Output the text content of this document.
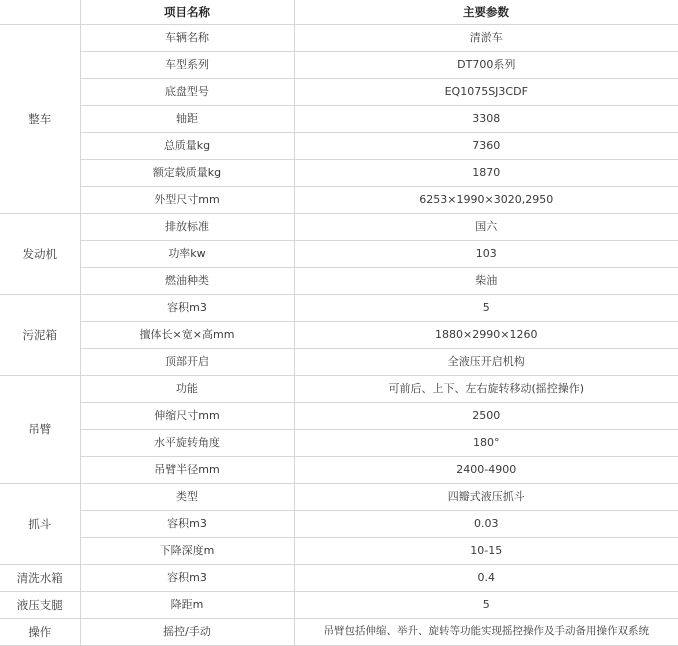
	项目名称	主要参数
整车	车辆名称	清淤车
	车型系列	DT700系列
	底盘型号	EQ1075SJ3CDF
	轴距	3308
	总质量kg	7360
	额定载质量kg	1870
	外型尺寸mm	6253×1990×3020,2950
发动机	排放标准	国六
	功率kw	103
	燃油种类	柴油
污泥箱	容积m3	5
	擅体长×宽×高mm	1880×2990×1260
	顶部开启	全液压开启机构
吊臂	功能	可前后、上下、左右旋转移动(摇控操作)
	伸缩尺寸mm	2500
	水平旋转角度	180°
	吊臂半径mm	2400-4900
抓斗	类型	四瓣式液压抓斗
	容积m3	0.03
	下降深度m	10-15
清洗水箱	容积m3	0.4
液压支腿	降距m	5
操作	摇控/手动	吊臂包括伸缩、举升、旋转等功能实现摇控操作及手动备用操作双系统
